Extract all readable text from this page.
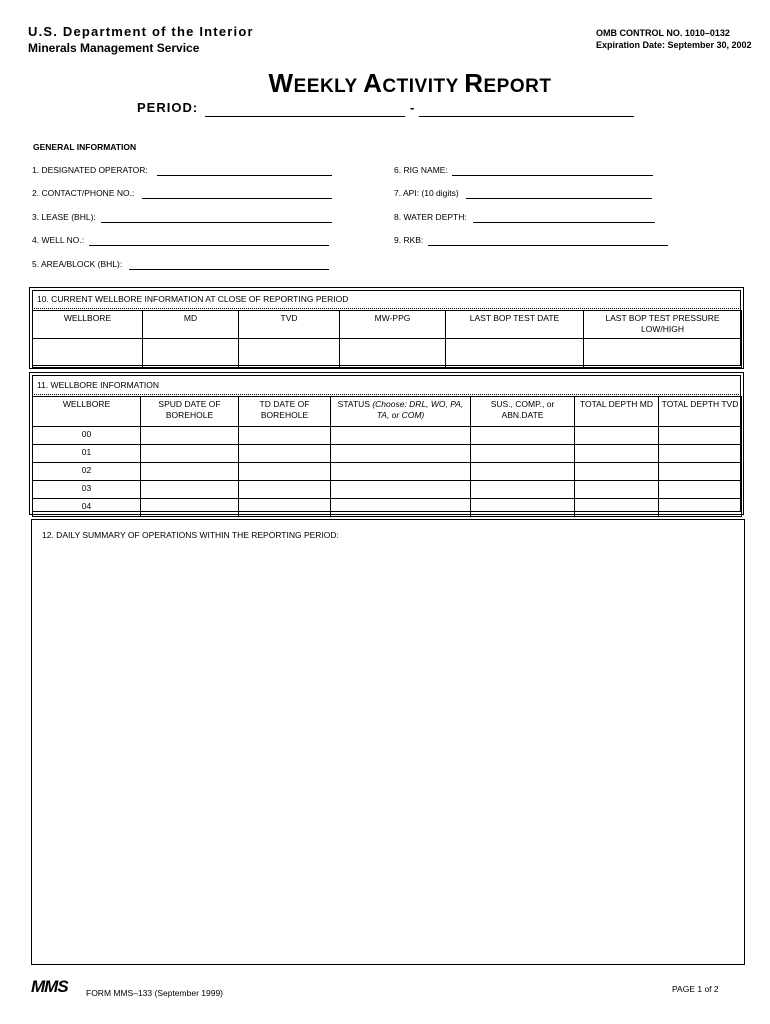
U.S. Department of the Interior
Minerals Management Service
OMB CONTROL NO. 1010–0132
Expiration Date: September 30, 2002
WEEKLY ACTIVITY REPORT
PERIOD:	-
GENERAL INFORMATION
1. DESIGNATED OPERATOR:
2. CONTACT/PHONE NO.:
3. LEASE (BHL):
4. WELL NO.:
5. AREA/BLOCK (BHL):
6. RIG NAME:
7. API: (10 digits)
8. WATER DEPTH:
9. RKB:
10. CURRENT WELLBORE INFORMATION AT CLOSE OF REPORTING PERIOD
WELLBORE	MD	TVD	MW-PPG	LAST BOP TEST DATE	LAST BOP TEST PRESSURE LOW/HIGH

11. WELLBORE INFORMATION
WELLBORE	SPUD DATE OF BOREHOLE	TD DATE OF BOREHOLE	STATUS (Choose: DRL, WO, PA, TA, or COM)	SUS., COMP., or ABN.DATE	TOTAL DEPTH MD	TOTAL DEPTH TVD
00						
01						
02						
03						
04						
12. DAILY SUMMARY OF OPERATIONS WITHIN THE REPORTING PERIOD:
MMS FORM MMS–133 (September 1999)	PAGE 1 of 2
